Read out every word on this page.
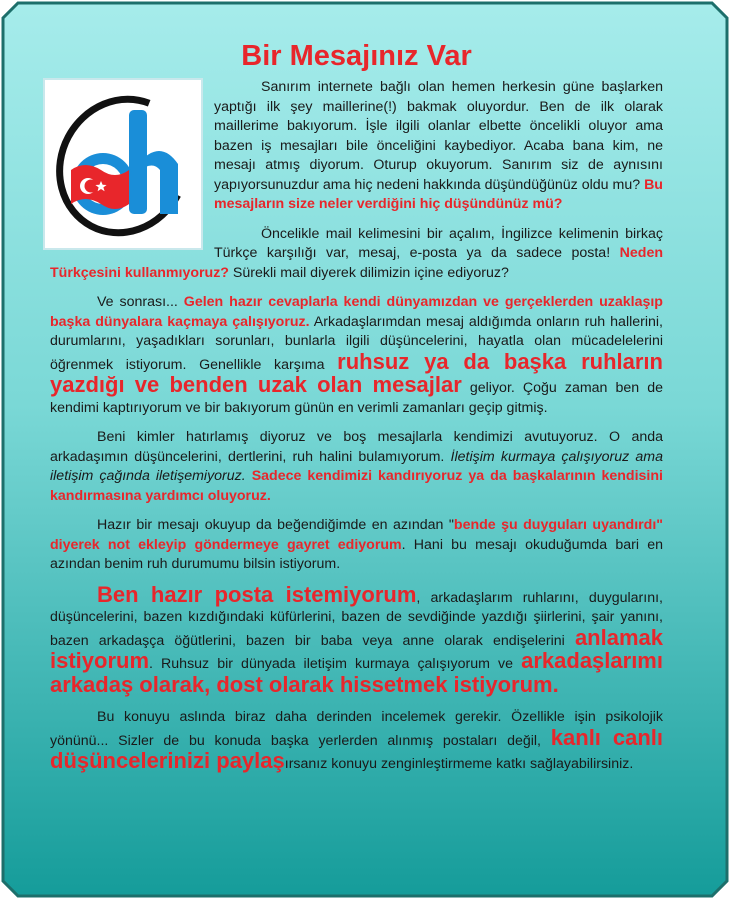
Bir Mesajınız Var

Sanırım internete bağlı olan hemen herkesin güne başlarken yaptığı ilk şey maillerine(!) bakmak oluyordur. Ben de ilk olarak maillerime bakıyorum. İşle ilgili olanlar elbette öncelikli oluyor ama bazen iş mesajları bile önceliğini kaybediyor. Acaba bana kim, ne mesajı atmış diyorum. Oturup okuyorum. Sanırım siz de aynısını yapıyorsunuzdur ama hiç nedeni hakkında düşündüğünüz oldu mu? Bu mesajların size neler verdiğini hiç düşündünüz mü?

Öncelikle mail kelimesini bir açalım, İngilizce kelimenin birkaç Türkçe karşılığı var, mesaj, e-posta ya da sadece posta! Neden Türkçesini kullanmıyoruz? Sürekli mail diyerek dilimizin içine ediyoruz?

Ve sonrası... Gelen hazır cevaplarla kendi dünyamızdan ve gerçeklerden uzaklaşıp başka dünyalara kaçmaya çalışıyoruz. Arkadaşlarımdan mesaj aldığımda onların ruh hallerini, durumlarını, yaşadıkları sorunları, bunlarla ilgili düşüncelerini, hayatla olan mücadelelerini öğrenmek istiyorum. Genellikle karşıma ruhsuz ya da başka ruhların yazdığı ve benden uzak olan mesajlar geliyor. Çoğu zaman ben de kendimi kaptırıyorum ve bir bakıyorum günün en verimli zamanları geçip gitmiş.

Beni kimler hatırlamış diyoruz ve boş mesajlarla kendimizi avutuyoruz. O anda arkadaşımın düşüncelerini, dertlerini, ruh halini bulamıyorum. İletişim kurmaya çalışıyoruz ama iletişim çağında iletişemiyoruz. Sadece kendimizi kandırıyoruz ya da başkalarının kendisini kandırmasına yardımcı oluyoruz.

Hazır bir mesajı okuyup da beğendiğimde en azından "bende şu duyguları uyandırdı" diyerek not ekleyip göndermeye gayret ediyorum. Hani bu mesajı okuduğumda bari en azından benim ruh durumumu bilsin istiyorum.

Ben hazır posta istemiyorum, arkadaşlarım ruhlarını, duygularını, düşüncelerini, bazen kızdığındaki küfürlerini, bazen de sevdiğinde yazdığı şiirlerini, şair yanını, bazen arkadaşça öğütlerini, bazen bir baba veya anne olarak endişelerini anlamak istiyorum. Ruhsuz bir dünyada iletişim kurmaya çalışıyorum ve arkadaşlarımı arkadaş olarak, dost olarak hissetmek istiyorum.

Bu konuyu aslında biraz daha derinden incelemek gerekir. Özellikle işin psikolojik yönünü... Sizler de bu konuda başka yerlerden alınmış postaları değil, kanlı canlı düşüncelerinizi paylaşırsanız konuyu zenginleştirmeme katkı sağlayabilirsiniz.
